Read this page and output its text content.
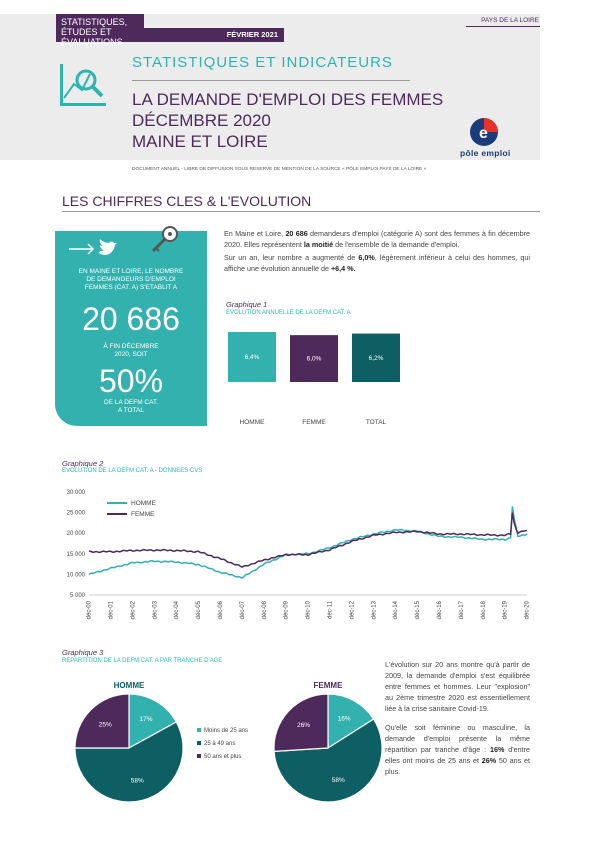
STATISTIQUES, ÉTUDES ET ÉVALUATIONS
FÉVRIER 2021
PAYS DE LA LOIRE
STATISTIQUES ET INDICATEURS
LA DEMANDE D'EMPLOI DES FEMMES
DÉCEMBRE 2020
MAINE ET LOIRE	e
pôle emploi
DOCUMENT ANNUEL - LIBRE DE DIFFUSION SOUS RESERVE DE MENTION DE LA SOURCE « PÔLE EMPLOI PAYS DE LA LOIRE »
LES CHIFFRES CLES & L'EVOLUTION
EN MAINE ET LOIRE, LE NOMBRE DE DEMANDEURS D'EMPLOI FEMMES (CAT. A) S'ETABLIT A
20 686
À FIN DÉCEMBRE 2020, SOIT
50%
DE LA DEFM CAT. A TOTAL

En Maine et Loire, 20 686 demandeurs d'emploi (catégorie A) sont des femmes à fin décembre 2020. Elles représentent la moitié de l'ensemble de la demande d'emploi.

Sur un an, leur nombre a augmenté de 6,0%, légèrement inférieur à celui des hommes, qui affiche une évolution annuelle de +6,4 %.

Graphique 1
EVOLUTION ANNUELLE DE LA DEFM CAT. A
6,4%
HOMME
6,0%
FEMME
6,2%
TOTAL
Graphique 2
EVOLUTION DE LA DEFM CAT. A - DONNEES CVS
5 000
10 000
15 000
20 000
25 000
30 000
déc-00	déc-01	déc-02	déc-03	déc-04	déc-05	déc-06	déc-07	déc-08	déc-09	déc-10	déc-11	déc-12	déc-13	déc-14	déc-15	déc-16	déc-17	déc-18	déc-19	déc-20
HOMME
FEMME
Graphique 3
REPARTITION DE LA DEFM CAT. A PAR TRANCHE D'AGE
HOMME
17%
58%
25%
FEMME
16%
58%
26%
Moins de 25 ans
25 à 49 ans
50 ans et plus

L'évolution sur 20 ans montre qu'à partir de 2009, la demande d'emploi s'est équilibrée entre femmes et hommes. Leur "explosion" au 2ème trimestre 2020 est essentiellement liée à la crise sanitaire Covid-19.

Qu'elle soit féminine ou masculine, la demande d'emploi présente la même répartition par tranche d'âge : 16% d'entre elles ont moins de 25 ans et 26% 50 ans et plus.
